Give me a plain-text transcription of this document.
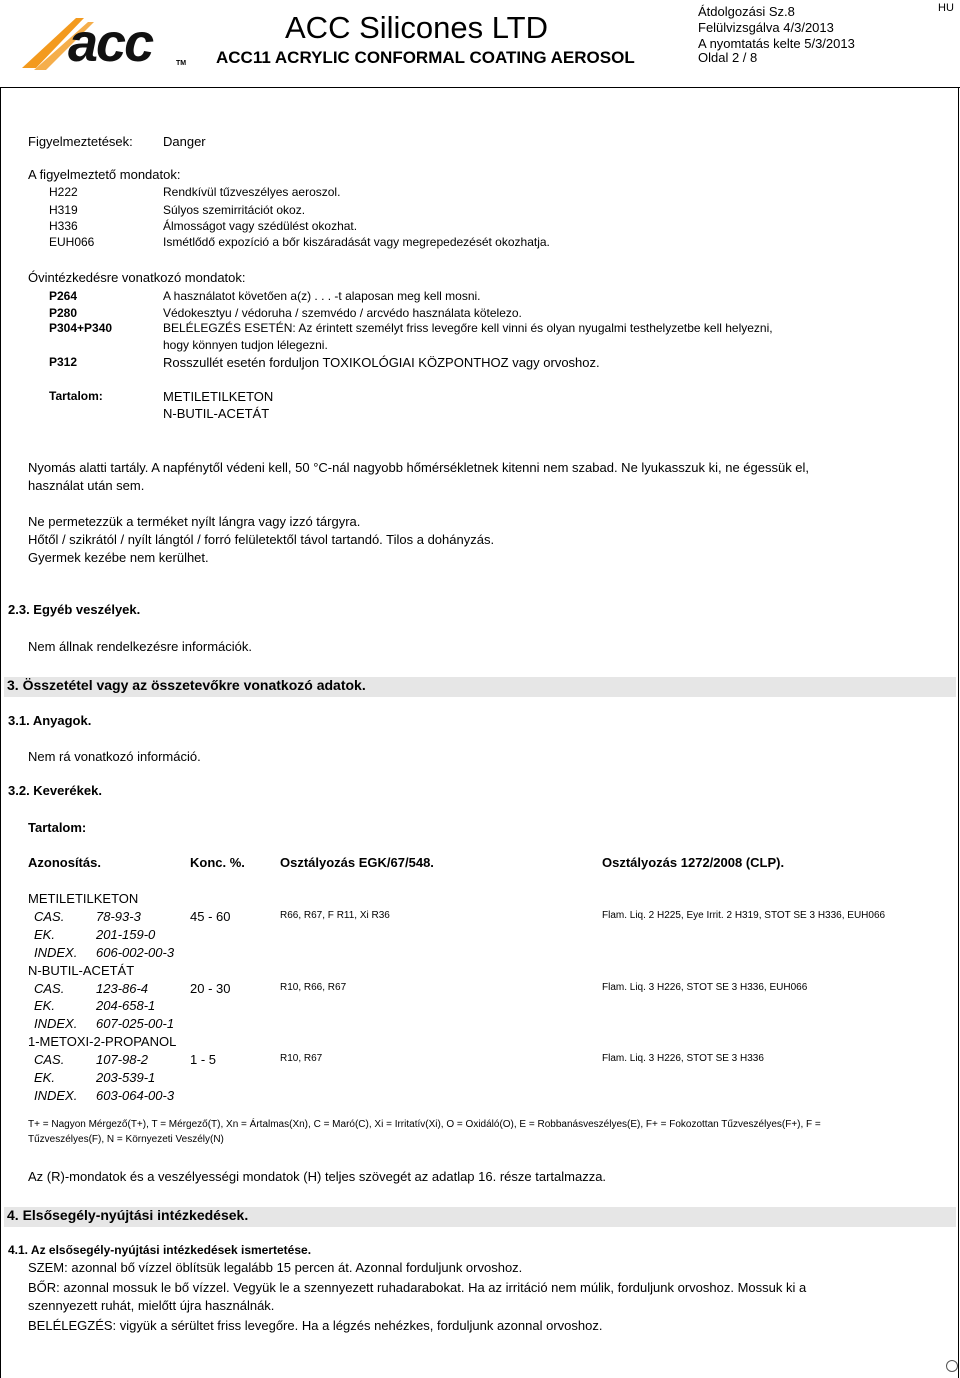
acc	TM
ACC Silicones LTD
ACC11 ACRYLIC CONFORMAL COATING AEROSOL
Átdolgozási Sz.8
Felülvizsgálva 4/3/2013
A nyomtatás kelte 5/3/2013
Oldal 2 / 8
HU
Figyelmeztetések: Danger
A figyelmeztető mondatok:
H222	Rendkívül tűzveszélyes aeroszol.
H319	Súlyos szemirritációt okoz.
H336	Álmosságot vagy szédülést okozhat.
EUH066	Ismétlődő expozíció a bőr kiszáradását vagy megrepedezését okozhatja.
Óvintézkedésre vonatkozó mondatok:
P264	A használatot követően a(z) . . . -t alaposan meg kell mosni.
P280	Védokesztyu / védoruha / szemvédo / arcvédo használata kötelezo.
P304+P340	BELÉLEGZÉS ESETÉN: Az érintett személyt friss levegőre kell vinni és olyan nyugalmi testhelyzetbe kell helyezni,
hogy könnyen tudjon lélegezni.
P312	Rosszullét esetén forduljon TOXIKOLÓGIAI KÖZPONTHOZ vagy orvoshoz.
Tartalom:	METILETILKETON
N-BUTIL-ACETÁT
Nyomás alatti tartály. A napfénytől védeni kell, 50 °C-nál nagyobb hőmérsékletnek kitenni nem szabad. Ne lyukasszuk ki, ne égessük el,
használat után sem.
Ne permetezzük a terméket nyílt lángra vagy izzó tárgyra.
Hőtől / szikrától / nyílt lángtól / forró felületektől távol tartandó. Tilos a dohányzás.
Gyermek kezébe nem kerülhet.
2.3. Egyéb veszélyek.
Nem állnak rendelkezésre információk.
3. Összetétel vagy az összetevőkre vonatkozó adatok.
3.1. Anyagok.
Nem rá vonatkozó információ.
3.2. Keverékek.
Tartalom:
Azonosítás.	Konc. %.	Osztályozás EGK/67/548.	Osztályozás 1272/2008 (CLP).
METILETILKETON
CAS. 78-93-3
EK.	201-159-0
INDEX. 606-002-00-3
45 - 60	R66, R67, F R11, Xi R36	Flam. Liq. 2 H225, Eye Irrit. 2 H319, STOT SE 3 H336, EUH066
N-BUTIL-ACETÁT
CAS. 123-86-4
EK.	204-658-1
INDEX. 607-025-00-1
20 - 30	R10, R66, R67	Flam. Liq. 3 H226, STOT SE 3 H336, EUH066
1-METOXI-2-PROPANOL
CAS. 107-98-2
EK.	203-539-1
INDEX. 603-064-00-3
1 - 5	R10, R67	Flam. Liq. 3 H226, STOT SE 3 H336
T+ = Nagyon Mérgező(T+), T = Mérgező(T), Xn = Ártalmas(Xn), C = Maró(C), Xi = Irritatív(Xi), O = Oxidáló(O), E = Robbanásveszélyes(E), F+ = Fokozottan Tűzveszélyes(F+), F =
Tűzveszélyes(F), N = Környezeti Veszély(N)
Az (R)-mondatok és a veszélyességi mondatok (H) teljes szövegét az adatlap 16. része tartalmazza.
4. Elsősegély-nyújtási intézkedések.
4.1. Az elsősegély-nyújtási intézkedések ismertetése.
SZEM: azonnal bő vízzel öblítsük legalább 15 percen át. Azonnal forduljunk orvoshoz.
BŐR: azonnal mossuk le bő vízzel. Vegyük le a szennyezett ruhadarabokat. Ha az irritáció nem múlik, forduljunk orvoshoz. Mossuk ki a
szennyezett ruhát, mielőtt újra használnák.
BELÉLEGZÉS: vigyük a sérültet friss levegőre. Ha a légzés nehézkes, forduljunk azonnal orvoshoz.
